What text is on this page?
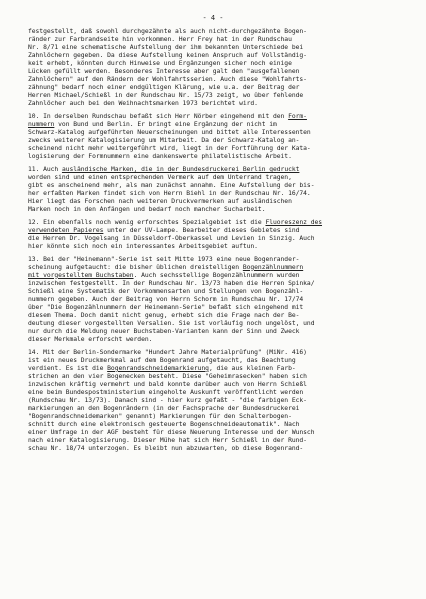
- 4 -

festgestellt, daß sowohl durchgezähnte als auch nicht-durchgezähnte Bogen-
ränder zur Farbrandseite hin vorkommen. Herr Frey hat in der Rundschau
Nr. 8/71 eine schematische Aufstellung der ihm bekannten Unterschiede bei
Zahnlöchern gegeben. Da diese Aufstellung keinen Anspruch auf Vollständig-
keit erhebt, könnten durch Hinweise und Ergänzungen sicher noch einige
Lücken gefüllt werden. Besonderes Interesse aber galt den "ausgefallenen
Zahnlöchern" auf den Rändern der Wohlfahrtsserien. Auch diese "Wohlfahrts-
zähnung" bedarf noch einer endgültigen Klärung, wie u.a. der Beitrag der
Herren Michael/Schießl in der Rundschau Nr. 15/73 zeigt, wo über fehlende
Zahnlöcher auch bei den Weihnachtsmarken 1973 berichtet wird.

10. In derselben Rundschau befaßt sich Herr Nörber eingehend mit den Form-
nummern von Bund und Berlin. Er bringt eine Ergänzung der nicht im
Schwarz-Katalog aufgeführten Neuerscheinungen und bittet alle Interessenten
zwecks weiterer Katalogisierung um Mitarbeit. Da der Schwarz-Katalog an-
scheinend nicht mehr weitergeführt wird, liegt in der Fortführung der Kata-
logisierung der Formnummern eine dankenswerte philatelistische Arbeit.

11. Auch ausländische Marken, die in der Bundesdruckerei Berlin gedruckt
worden sind und einen entsprechenden Vermerk auf dem Unterrand tragen,
gibt es anscheinend mehr, als man zunächst annahm. Eine Aufstellung der bis-
her erfaßten Marken findet sich von Herrn Biehl in der Rundschau Nr. 16/74.
Hier liegt das Forschen nach weiteren Druckvermerken auf ausländischen
Marken noch in den Anfängen und bedarf noch mancher Sucharbeit.

12. Ein ebenfalls noch wenig erforschtes Spezialgebiet ist die Fluoreszenz des
verwendeten Papieres unter der UV-Lampe. Bearbeiter dieses Gebietes sind
die Herren Dr. Vogelsang in Düsseldorf-Oberkassel und Levien in Sinzig. Auch
hier könnte sich noch ein interessantes Arbeitsgebiet auftun.

13. Bei der "Heinemann"-Serie ist seit Mitte 1973 eine neue Bogenrander-
scheinung aufgetaucht: die bisher üblichen dreistelligen Bogenzählnummern
mit vorgestelltem Buchstaben. Auch sechsstellige Bogenzählnummern wurden
inzwischen festgestellt. In der Rundschau Nr. 13/73 haben die Herren Spinka/
Schießl eine Systematik der Vorkommensarten und Stellungen von Bogenzähl-
nummern gegeben. Auch der Beitrag von Herrn Schorm in Rundschau Nr. 17/74
über "Die Bogenzählnummern der Heinemann-Serie" befaßt sich eingehend mit
diesem Thema. Doch damit nicht genug, erhebt sich die Frage nach der Be-
deutung dieser vorgestellten Versalien. Sie ist vorläufig noch ungelöst, und
nur durch die Meldung neuer Buchstaben-Varianten kann der Sinn und Zweck
dieser Merkmale erforscht werden.

14. Mit der Berlin-Sondermarke "Hundert Jahre Materialprüfung" (MiNr. 416)
ist ein neues Druckmerkmal auf dem Bogenrand aufgetaucht, das Beachtung
verdient. Es ist die Bogenrandschneidemarkierung, die aus kleinen Farb-
strichen an den vier Bogenecken besteht. Diese "Geheimrasecken" haben sich
inzwischen kräftig vermehrt und bald konnte darüber auch von Herrn Schießl
eine beim Bundespostministerium eingeholte Auskunft veröffentlicht werden
(Rundschau Nr. 13/73). Danach sind - hier kurz gefaßt - "die farbigen Eck-
markierungen an den Bogenrändern (in der Fachsprache der Bundesdruckerei
"Bogenrandschneidemarken" genannt) Markierungen für den Schalterbogen-
schnitt durch eine elektronisch gesteuerte Bogenschneideautomatik". Nach
einer Umfrage in der AGF besteht für diese Neuerung Interesse und der Wunsch
nach einer Katalogisierung. Dieser Mühe hat sich Herr Schießl in der Rund-
schau Nr. 18/74 unterzogen. Es bleibt nun abzuwarten, ob diese Bogenrand-
